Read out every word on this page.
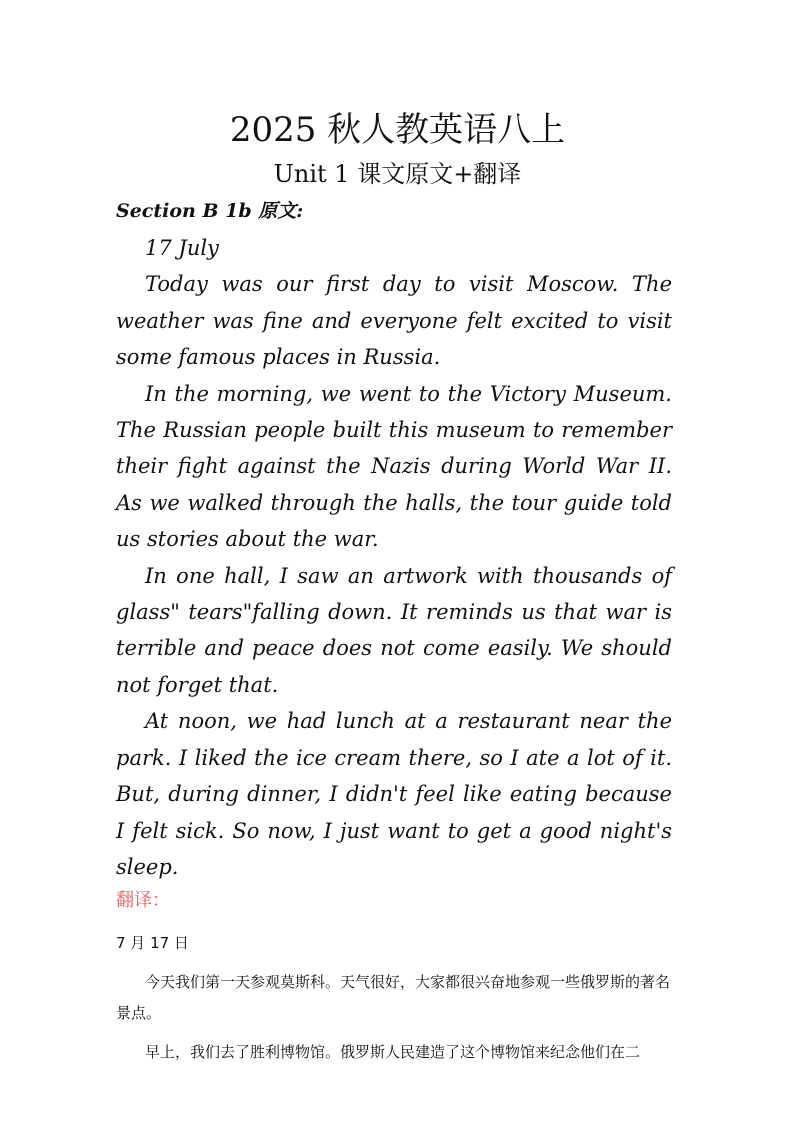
2025 秋人教英语八上
Unit 1 课文原文+翻译
Section B 1b 原文:

17 July

Today was our first day to visit Moscow. The weather was fine and everyone felt excited to visit some famous places in Russia.

In the morning, we went to the Victory Museum. The Russian people built this museum to remember their fight against the Nazis during World War II. As we walked through the halls, the tour guide told us stories about the war.

In one hall, I saw an artwork with thousands of glass" tears"falling down. It reminds us that war is terrible and peace does not come easily. We should not forget that.

At noon, we had lunch at a restaurant near the park. I liked the ice cream there, so I ate a lot of it. But, during dinner, I didn't feel like eating because I felt sick. So now, I just want to get a good night's sleep.

翻译：

7 月 17 日

今天我们第一天参观莫斯科。天气很好，大家都很兴奋地参观一些俄罗斯的著名景点。

早上，我们去了胜利博物馆。俄罗斯人民建造了这个博物馆来纪念他们在二
